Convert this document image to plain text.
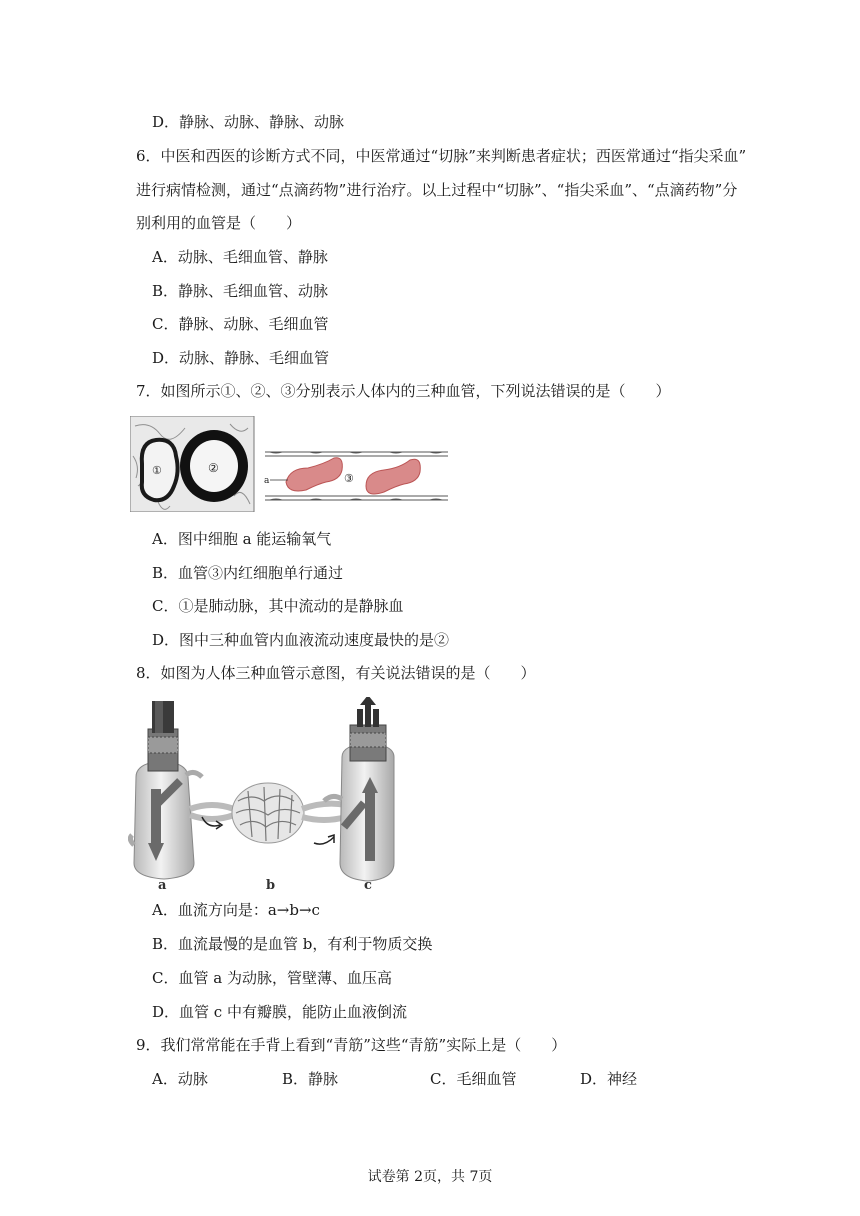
D．静脉、动脉、静脉、动脉
6．中医和西医的诊断方式不同，中医常通过“切脉”来判断患者症状；西医常通过“指尖采血”
进行病情检测，通过“点滴药物”进行治疗。以上过程中“切脉”、“指尖采血”、“点滴药物”分
别利用的血管是（　　）
A．动脉、毛细血管、静脉
B．静脉、毛细血管、动脉
C．静脉、动脉、毛细血管
D．动脉、静脉、毛细血管
7．如图所示①、②、③分别表示人体内的三种血管，下列说法错误的是（　　）
①	②
a	③
A．图中细胞 a 能运输氧气
B．血管③内红细胞单行通过
C．①是肺动脉，其中流动的是静脉血
D．图中三种血管内血液流动速度最快的是②
8．如图为人体三种血管示意图，有关说法错误的是（　　）
a	b	c
A．血流方向是：a→b→c
B．血流最慢的是血管 b，有利于物质交换
C．血管 a 为动脉，管壁薄、血压高
D．血管 c 中有瓣膜，能防止血液倒流
9．我们常常能在手背上看到“青筋”这些“青筋”实际上是（　　）
A．动脉	B．静脉	C．毛细血管	D．神经
试卷第 2页，共 7页
